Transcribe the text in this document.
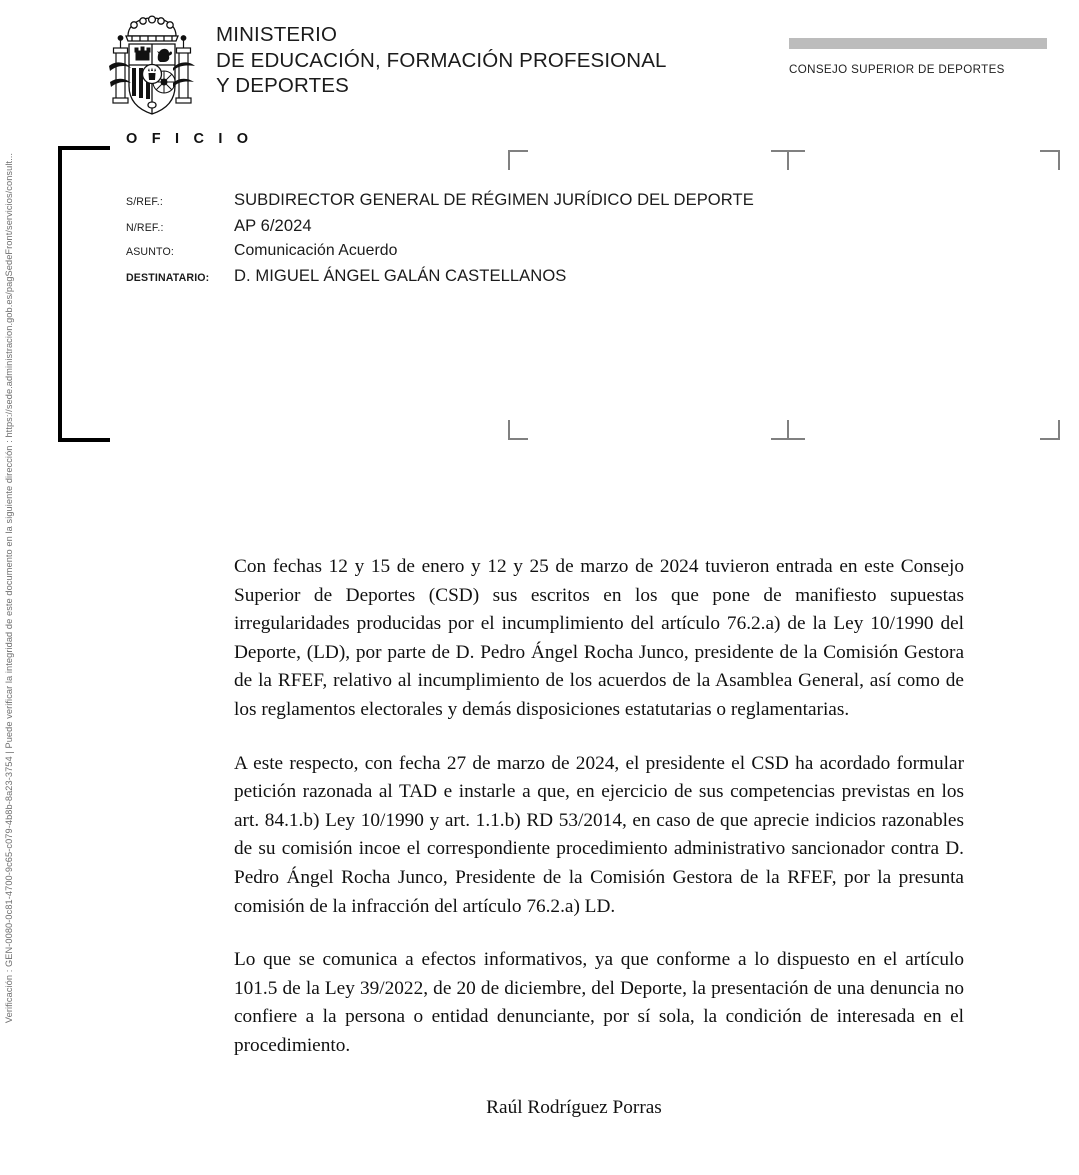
Verificación : GEN-0080-0c81-4700-9c65-c079-4b8b-8a23-3754 | Puede verificar la integridad de este documento en la siguiente dirección : https://sede.administracion.gob.es/pagSedeFront/servicios/consult...
MINISTERIO
DE EDUCACIÓN, FORMACIÓN PROFESIONAL
Y DEPORTES
CONSEJO SUPERIOR DE DEPORTES
O F I C I O
S/REF.:	SUBDIRECTOR GENERAL DE RÉGIMEN JURÍDICO DEL DEPORTE
N/REF.:	AP 6/2024
ASUNTO:	Comunicación Acuerdo
DESTINATARIO:	D. MIGUEL ÁNGEL GALÁN CASTELLANOS

Con fechas 12 y 15 de enero y 12 y 25 de marzo de 2024 tuvieron entrada en este Consejo Superior de Deportes (CSD) sus escritos en los que pone de manifiesto supuestas irregularidades producidas por el incumplimiento del artículo 76.2.a) de la Ley 10/1990 del Deporte, (LD), por parte de D. Pedro Ángel Rocha Junco, presidente de la Comisión Gestora de la RFEF, relativo al incumplimiento de los acuerdos de la Asamblea General, así como de los reglamentos electorales y demás disposiciones estatutarias o reglamentarias.

A este respecto, con fecha 27 de marzo de 2024, el presidente el CSD ha acordado formular petición razonada al TAD e instarle a que, en ejercicio de sus competencias previstas en los art. 84.1.b) Ley 10/1990 y art. 1.1.b) RD 53/2014, en caso de que aprecie indicios razonables de su comisión incoe el correspondiente procedimiento administrativo sancionador contra D. Pedro Ángel Rocha Junco, Presidente de la Comisión Gestora de la RFEF, por la presunta comisión de la infracción del artículo 76.2.a) LD.

Lo que se comunica a efectos informativos, ya que conforme a lo dispuesto en el artículo 101.5 de la Ley 39/2022, de 20 de diciembre, del Deporte, la presentación de una denuncia no confiere a la persona o entidad denunciante, por sí sola, la condición de interesada en el procedimiento.

Raúl Rodríguez Porras
